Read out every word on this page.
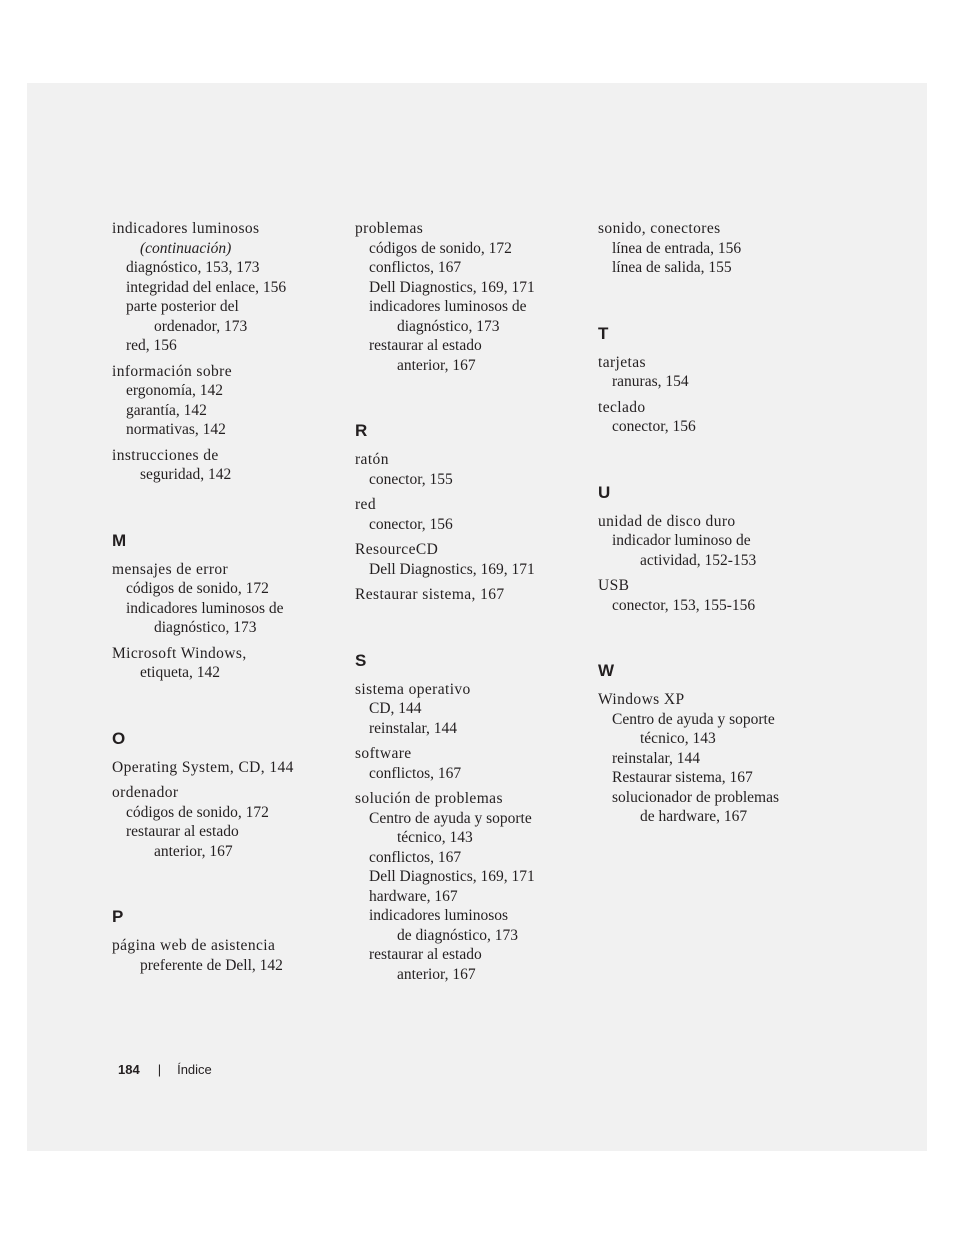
indicadores luminosos
(continuación)
diagnóstico, 153, 173
integridad del enlace, 156
parte posterior del
ordenador, 173
red, 156
información sobre
ergonomía, 142
garantía, 142
normativas, 142
instrucciones de
seguridad, 142
M
mensajes de error
códigos de sonido, 172
indicadores luminosos de
diagnóstico, 173
Microsoft Windows,
etiqueta, 142
O
Operating System, CD, 144
ordenador
códigos de sonido, 172
restaurar al estado
anterior, 167
P
página web de asistencia
preferente de Dell, 142
problemas
códigos de sonido, 172
conflictos, 167
Dell Diagnostics, 169, 171
indicadores luminosos de
diagnóstico, 173
restaurar al estado
anterior, 167
R
ratón
conector, 155
red
conector, 156
ResourceCD
Dell Diagnostics, 169, 171
Restaurar sistema, 167
S
sistema operativo
CD, 144
reinstalar, 144
software
conflictos, 167
solución de problemas
Centro de ayuda y soporte
técnico, 143
conflictos, 167
Dell Diagnostics, 169, 171
hardware, 167
indicadores luminosos
de diagnóstico, 173
restaurar al estado
anterior, 167
sonido, conectores
línea de entrada, 156
línea de salida, 155
T
tarjetas
ranuras, 154
teclado
conector, 156
U
unidad de disco duro
indicador luminoso de
actividad, 152-153
USB
conector, 153, 155-156
W
Windows XP
Centro de ayuda y soporte
técnico, 143
reinstalar, 144
Restaurar sistema, 167
solucionador de problemas
de hardware, 167
184 | Índice
